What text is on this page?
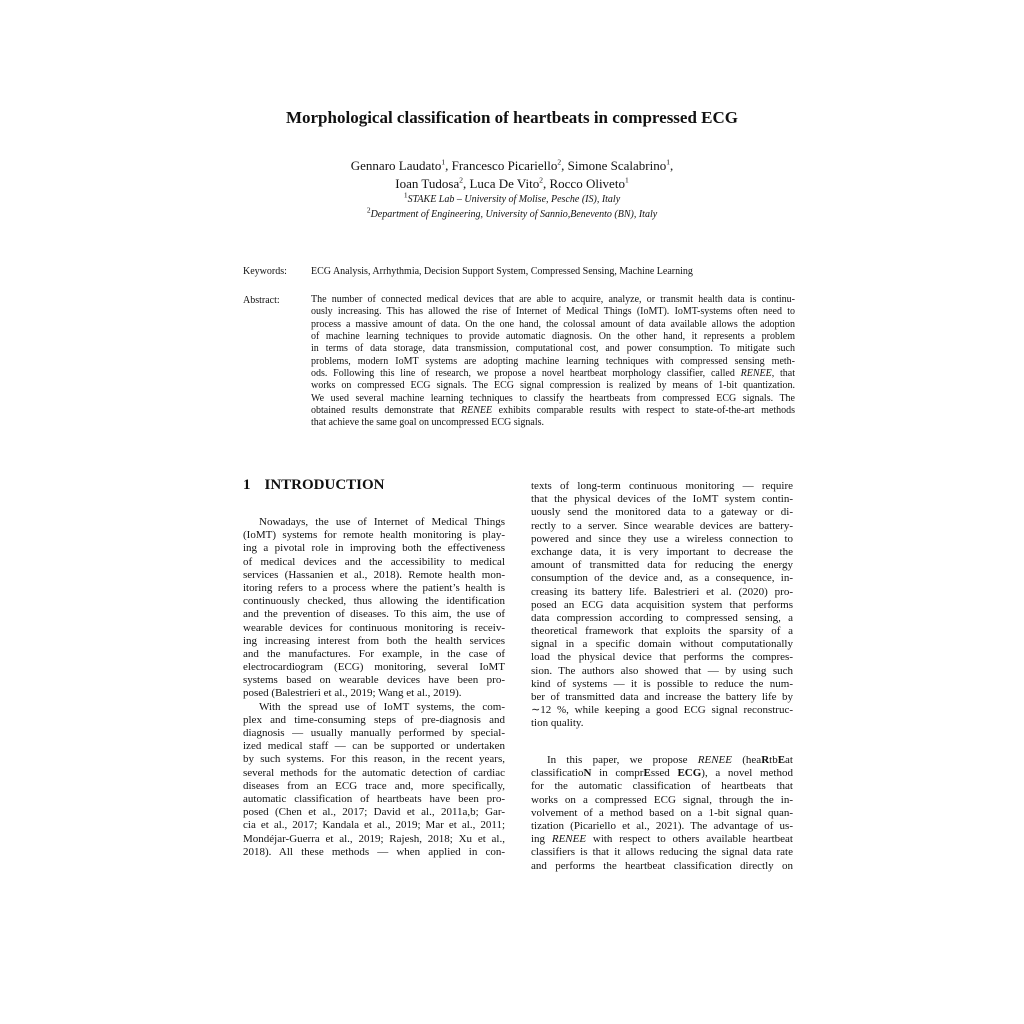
Morphological classification of heartbeats in compressed ECG
Gennaro Laudato$^1$, Francesco Picariello$^2$, Simone Scalabrino$^1$,
Ioan Tudosa$^2$, Luca De Vito$^2$, Rocco Oliveto$^1$
$^1$STAKE Lab – University of Molise, Pesche (IS), Italy
$^2$Department of Engineering, University of Sannio,Benevento (BN), Italy
Keywords: ECG Analysis, Arrhythmia, Decision Support System, Compressed Sensing, Machine Learning
Abstract:	The number of connected medical devices that are able to acquire, analyze, or transmit health data is continu-
ously increasing. This has allowed the rise of Internet of Medical Things (IoMT). IoMT-systems often need to
process a massive amount of data. On the one hand, the colossal amount of data available allows the adoption
of machine learning techniques to provide automatic diagnosis. On the other hand, it represents a problem
in terms of data storage, data transmission, computational cost, and power consumption. To mitigate such
problems, modern IoMT systems are adopting machine learning techniques with compressed sensing meth-
ods. Following this line of research, we propose a novel heartbeat morphology classifier, called RENEE, that
works on compressed ECG signals. The ECG signal compression is realized by means of 1-bit quantization.
We used several machine learning techniques to classify the heartbeats from compressed ECG signals. The
obtained results demonstrate that RENEE exhibits comparable results with respect to state-of-the-art methods
that achieve the same goal on uncompressed ECG signals.
1 INTRODUCTION
Nowadays, the use of Internet of Medical Things
(IoMT) systems for remote health monitoring is play-
ing a pivotal role in improving both the effectiveness
of medical devices and the accessibility to medical
services (Hassanien et al., 2018). Remote health mon-
itoring refers to a process where the patient’s health is
continuously checked, thus allowing the identification
and the prevention of diseases. To this aim, the use of
wearable devices for continuous monitoring is receiv-
ing increasing interest from both the health services
and the manufactures. For example, in the case of
electrocardiogram (ECG) monitoring, several IoMT
systems based on wearable devices have been pro-
posed (Balestrieri et al., 2019; Wang et al., 2019).
With the spread use of IoMT systems, the com-
plex and time-consuming steps of pre-diagnosis and
diagnosis — usually manually performed by special-
ized medical staff — can be supported or undertaken
by such systems. For this reason, in the recent years,
several methods for the automatic detection of cardiac
diseases from an ECG trace and, more specifically,
automatic classification of heartbeats have been pro-
posed (Chen et al., 2017; David et al., 2011a,b; Gar-
cia et al., 2017; Kandala et al., 2019; Mar et al., 2011;
Mondéjar-Guerra et al., 2019; Rajesh, 2018; Xu et al.,
2018). All these methods — when applied in con-
texts of long-term continuous monitoring — require
that the physical devices of the IoMT system contin-
uously send the monitored data to a gateway or di-
rectly to a server. Since wearable devices are battery-
powered and since they use a wireless connection to
exchange data, it is very important to decrease the
amount of transmitted data for reducing the energy
consumption of the device and, as a consequence, in-
creasing its battery life. Balestrieri et al. (2020) pro-
posed an ECG data acquisition system that performs
data compression according to compressed sensing, a
theoretical framework that exploits the sparsity of a
signal in a specific domain without computationally
load the physical device that performs the compres-
sion. The authors also showed that — by using such
kind of systems — it is possible to reduce the num-
ber of transmitted data and increase the battery life by
∼12 %, while keeping a good ECG signal reconstruc-
tion quality.
In this paper, we propose RENEE (heaRtbEat
classificatioN in comprEssed ECG), a novel method
for the automatic classification of heartbeats that
works on a compressed ECG signal, through the in-
volvement of a method based on a 1-bit signal quan-
tization (Picariello et al., 2021). The advantage of us-
ing RENEE with respect to others available heartbeat
classifiers is that it allows reducing the signal data rate
and performs the heartbeat classification directly on
